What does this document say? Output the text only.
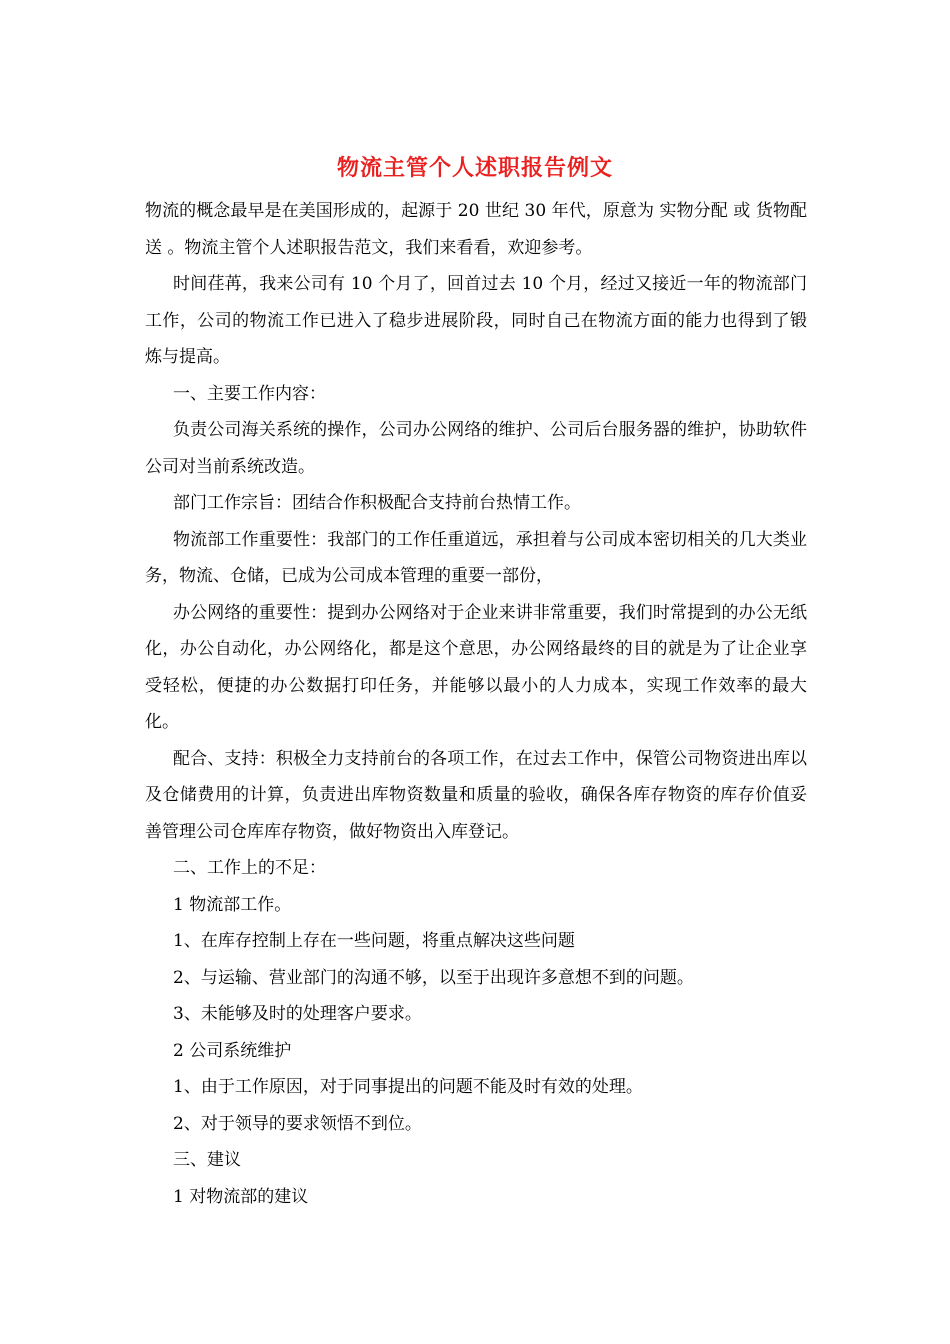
物流主管个人述职报告例文

物流的概念最早是在美国形成的，起源于 20 世纪 30 年代，原意为 实物分配 或 货物配送 。物流主管个人述职报告范文，我们来看看，欢迎参考。

时间荏苒，我来公司有 10 个月了，回首过去 10 个月，经过又接近一年的物流部门工作，公司的物流工作已进入了稳步进展阶段，同时自己在物流方面的能力也得到了锻炼与提高。

一、主要工作内容：

负责公司海关系统的操作，公司办公网络的维护、公司后台服务器的维护，协助软件公司对当前系统改造。

部门工作宗旨：团结合作积极配合支持前台热情工作。

物流部工作重要性：我部门的工作任重道远，承担着与公司成本密切相关的几大类业务，物流、仓储，已成为公司成本管理的重要一部份，

办公网络的重要性：提到办公网络对于企业来讲非常重要，我们时常提到的办公无纸化，办公自动化，办公网络化，都是这个意思，办公网络最终的目的就是为了让企业享受轻松，便捷的办公数据打印任务，并能够以最小的人力成本，实现工作效率的最大化。

配合、支持：积极全力支持前台的各项工作，在过去工作中，保管公司物资进出库以及仓储费用的计算，负责进出库物资数量和质量的验收，确保各库存物资的库存价值妥善管理公司仓库库存物资，做好物资出入库登记。

二、工作上的不足：

1 物流部工作。

1、在库存控制上存在一些问题，将重点解决这些问题

2、与运输、营业部门的沟通不够，以至于出现许多意想不到的问题。

3、未能够及时的处理客户要求。

2 公司系统维护

1、由于工作原因，对于同事提出的问题不能及时有效的处理。

2、对于领导的要求领悟不到位。

三、建议

1 对物流部的建议
